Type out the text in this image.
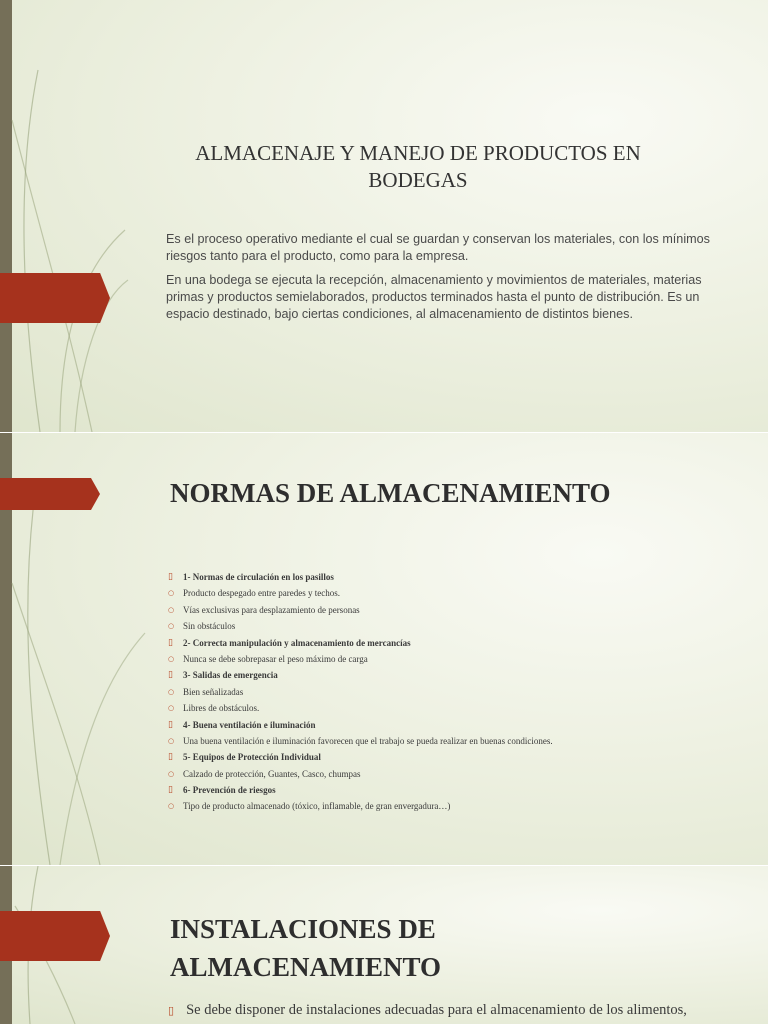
ALMACENAJE Y MANEJO DE PRODUCTOS EN BODEGAS

Es el proceso operativo mediante el cual se guardan y conservan los materiales, con los mínimos riesgos tanto para el producto, como para la empresa.

En una bodega se ejecuta la recepción, almacenamiento y movimientos de materiales, materias primas y productos semielaborados, productos terminados hasta el punto de distribución. Es un espacio destinado, bajo ciertas condiciones, al almacenamiento de distintos bienes.

NORMAS DE ALMACENAMIENTO
▯ 1- Normas de circulación en los pasillos
○ Producto despegado entre paredes y techos.
○ Vías exclusivas para desplazamiento de personas
○ Sin obstáculos
▯ 2- Correcta manipulación y almacenamiento de mercancías
○ Nunca se debe sobrepasar el peso máximo de carga
▯ 3- Salidas de emergencia
○ Bien señalizadas
○ Libres de obstáculos.
▯ 4- Buena ventilación e iluminación
○ Una buena ventilación e iluminación favorecen que el trabajo se pueda realizar en buenas condiciones.
▯ 5- Equipos de Protección Individual
○ Calzado de protección, Guantes, Casco, chumpas
▯ 6- Prevención de riesgos
○ Tipo de producto almacenado (tóxico, inflamable, de gran envergadura…)
INSTALACIONES DE
ALMACENAMIENTO
▯ Se debe disponer de instalaciones adecuadas para el almacenamiento de los alimentos,
